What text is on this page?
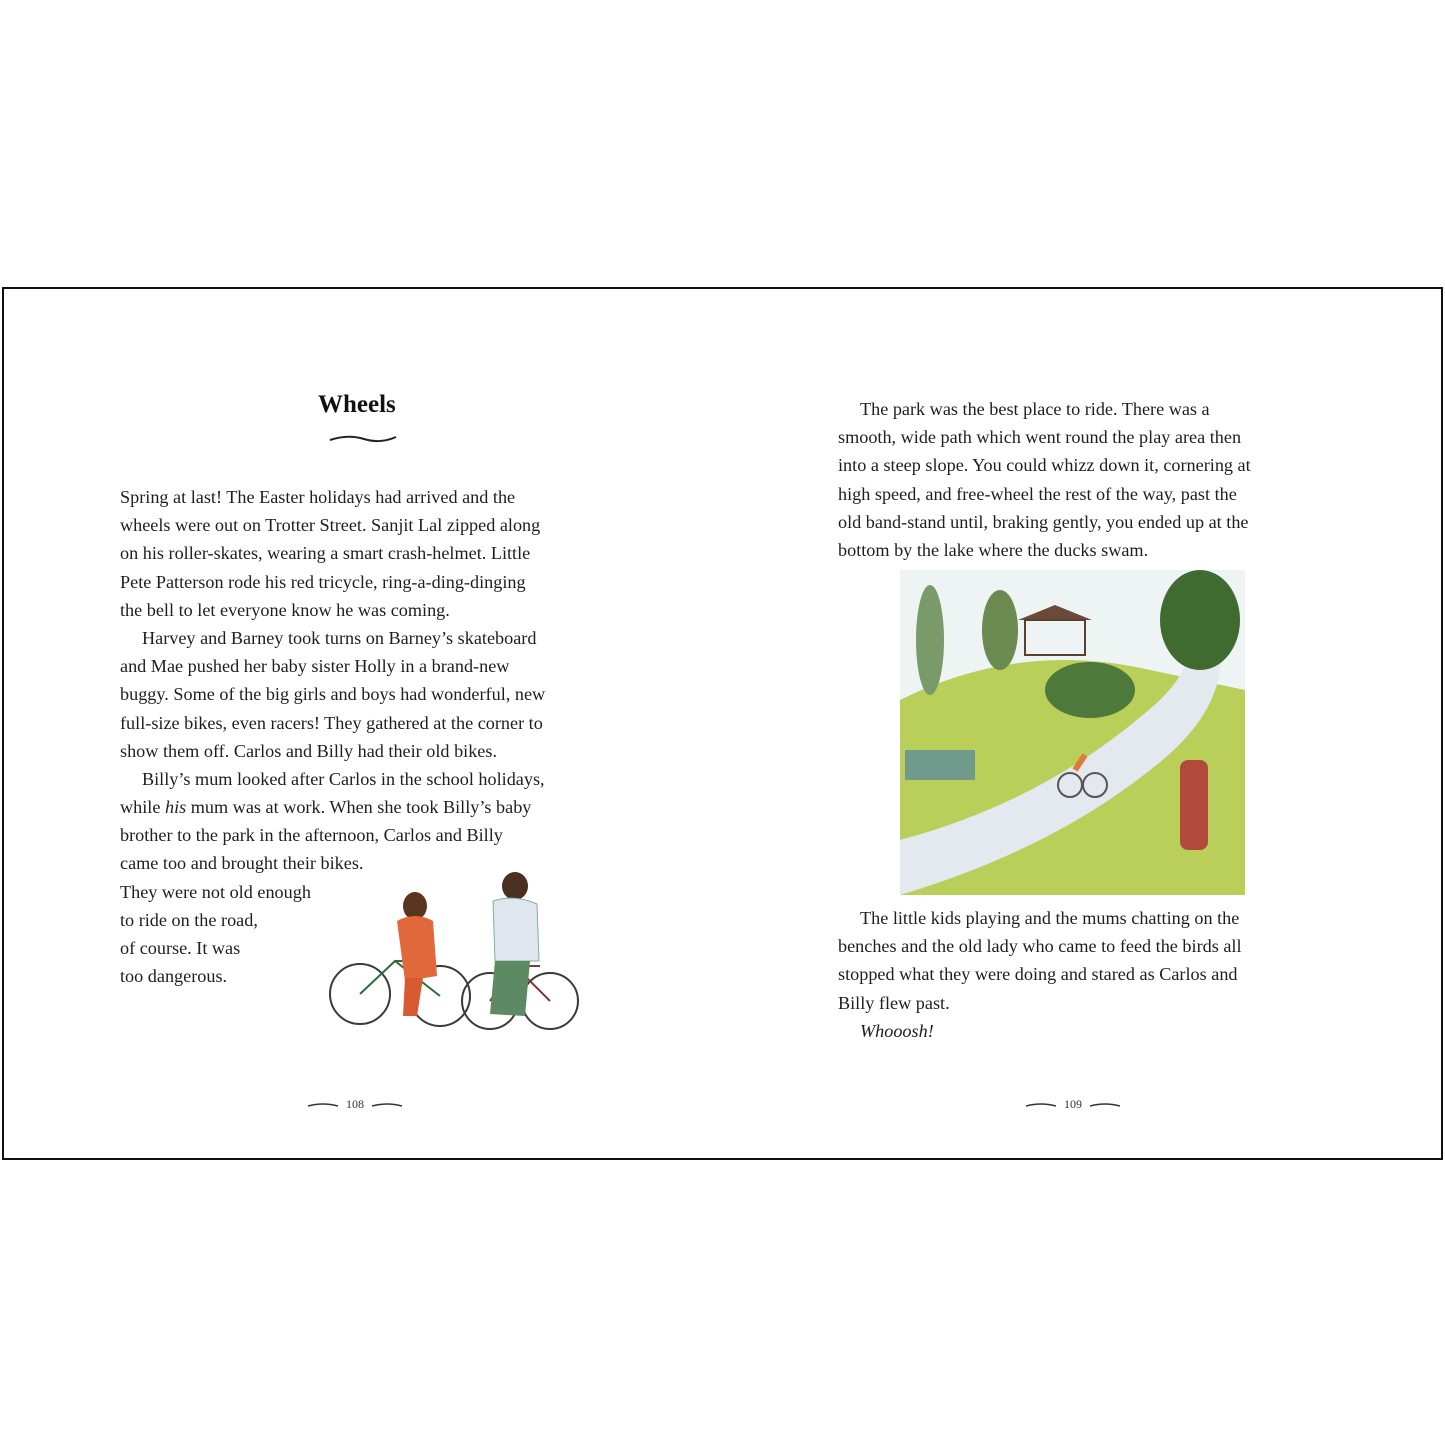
Wheels
Spring at last! The Easter holidays had arrived and the
wheels were out on Trotter Street. Sanjit Lal zipped along
on his roller-skates, wearing a smart crash-helmet. Little
Pete Patterson rode his red tricycle, ring-a-ding-dinging
the bell to let everyone know he was coming.
Harvey and Barney took turns on Barney’s skateboard
and Mae pushed her baby sister Holly in a brand-new
buggy. Some of the big girls and boys had wonderful, new
full-size bikes, even racers! They gathered at the corner to
show them off. Carlos and Billy had their old bikes.
Billy’s mum looked after Carlos in the school holidays,
while his mum was at work. When she took Billy’s baby
brother to the park in the afternoon, Carlos and Billy
came too and brought their bikes.
They were not old enough
to ride on the road,
of course. It was
too dangerous.
The park was the best place to ride. There was a
smooth, wide path which went round the play area then
into a steep slope. You could whizz down it, cornering at
high speed, and free-wheel the rest of the way, past the
old band-stand until, braking gently, you ended up at the
bottom by the lake where the ducks swam.
The little kids playing and the mums chatting on the
benches and the old lady who came to feed the birds all
stopped what they were doing and stared as Carlos and
Billy flew past.
Whooosh!
108	109
